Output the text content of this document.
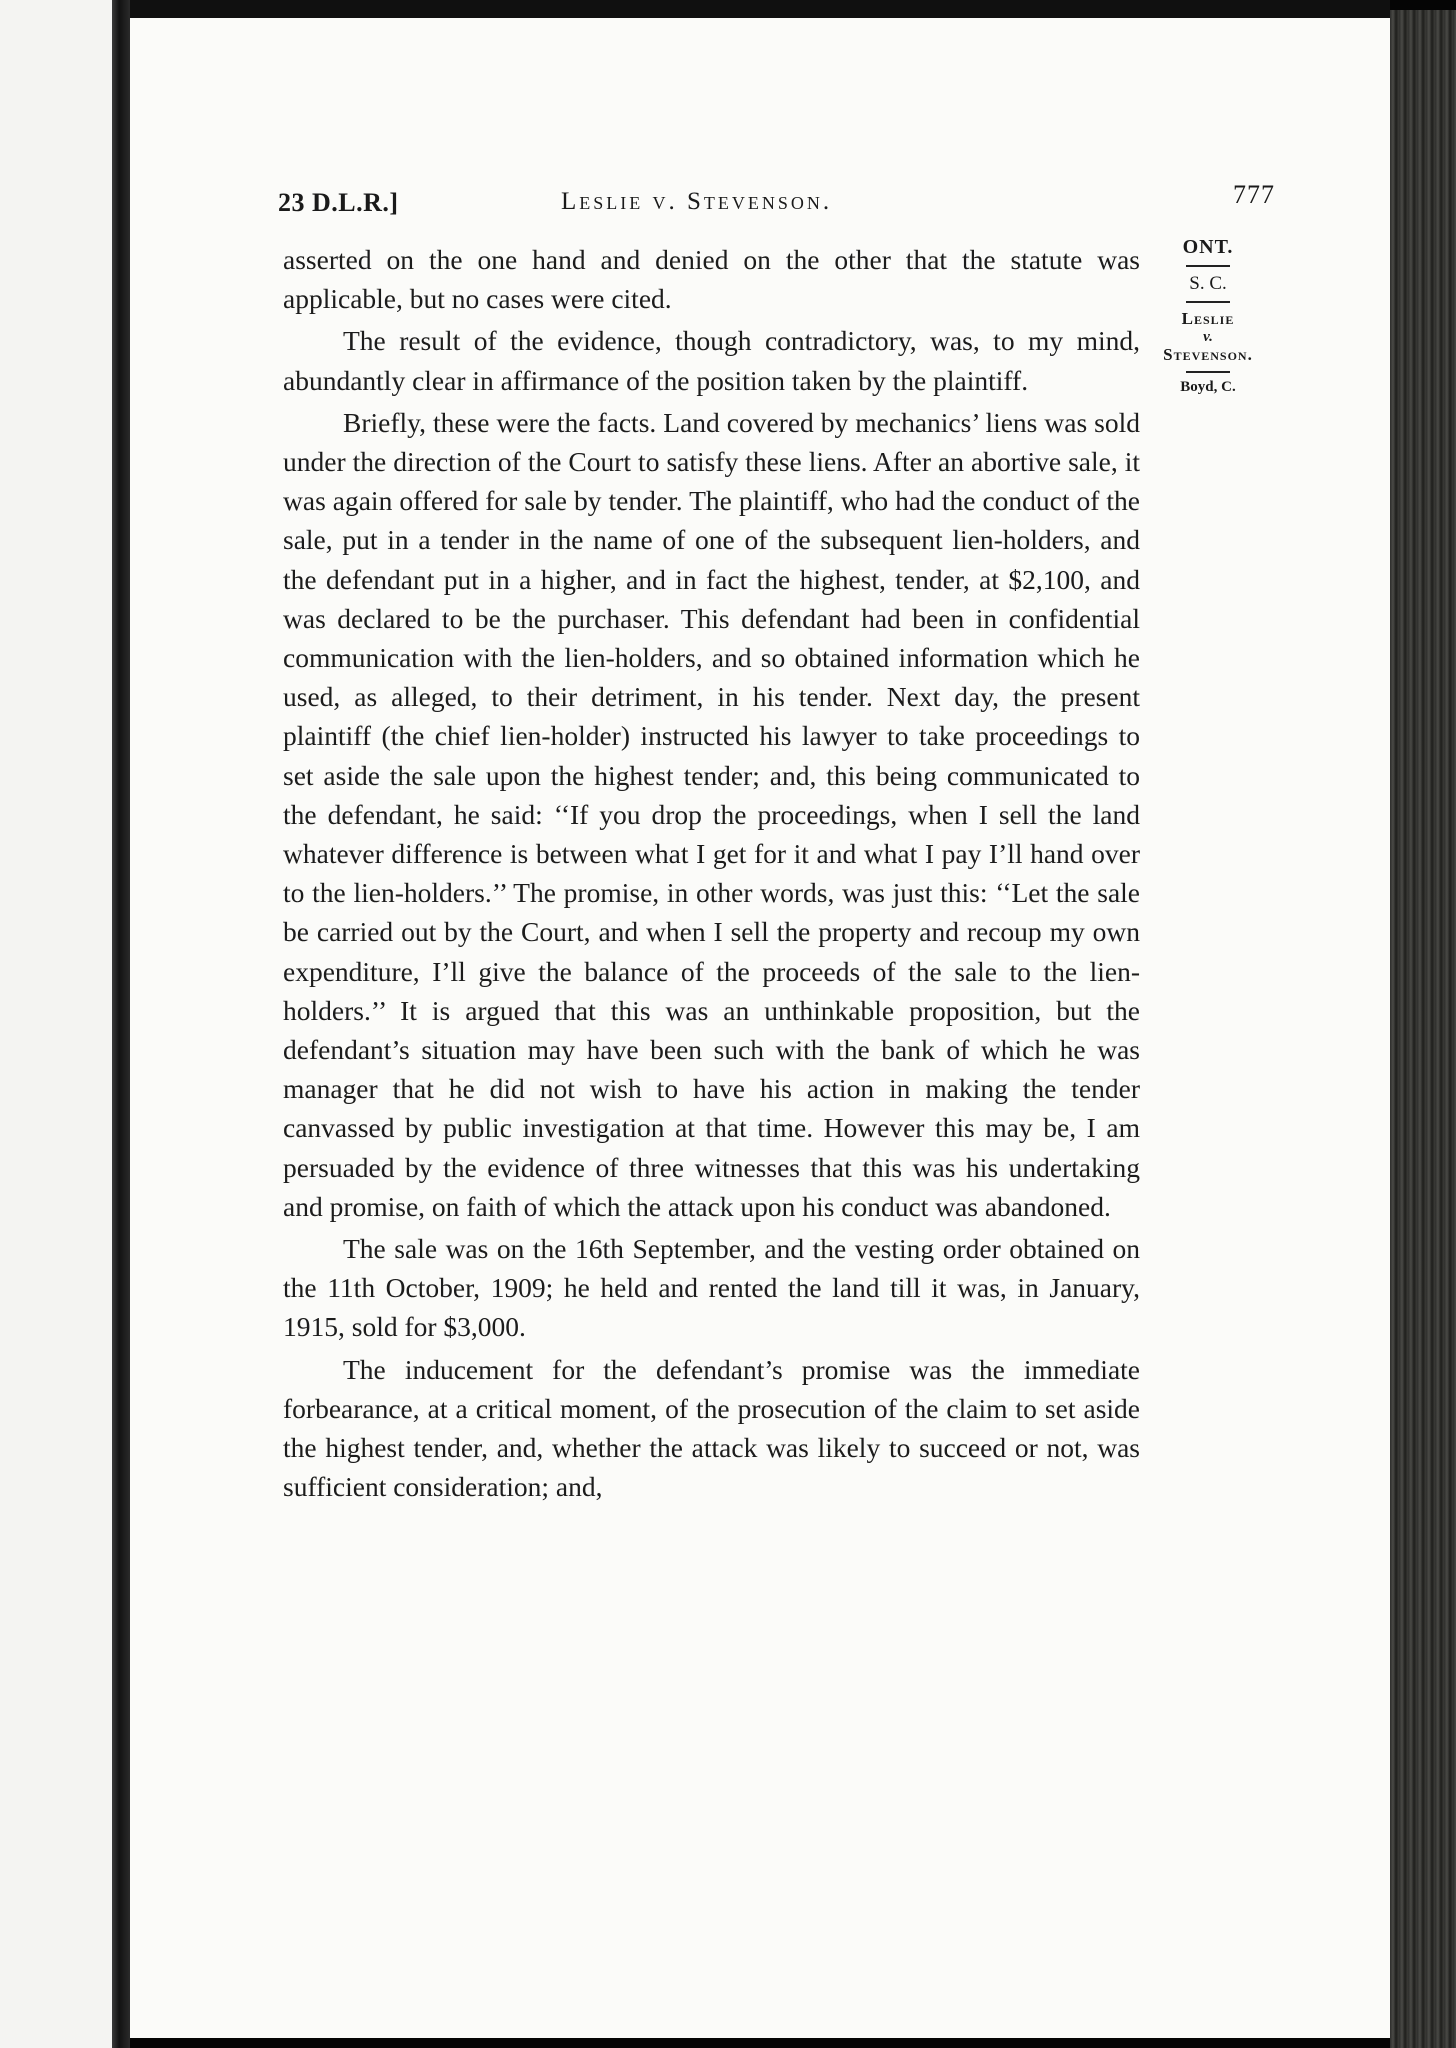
23 D.L.R.]	Leslie v. Stevenson.	777

asserted on the one hand and denied on the other that the statute was applicable, but no cases were cited.

The result of the evidence, though contradictory, was, to my mind, abundantly clear in affirmance of the position taken by the plaintiff.

Briefly, these were the facts. Land covered by mechanics’ liens was sold under the direction of the Court to satisfy these liens. After an abortive sale, it was again offered for sale by tender. The plaintiff, who had the conduct of the sale, put in a tender in the name of one of the subsequent lien-holders, and the defendant put in a higher, and in fact the highest, tender, at $2,100, and was declared to be the purchaser. This defendant had been in confidential communication with the lien-holders, and so obtained information which he used, as alleged, to their detriment, in his tender. Next day, the present plaintiff (the chief lien-holder) instructed his lawyer to take proceedings to set aside the sale upon the highest tender; and, this being communicated to the defendant, he said: ‘‘If you drop the proceedings, when I sell the land whatever difference is between what I get for it and what I pay I’ll hand over to the lien-holders.’’ The promise, in other words, was just this: ‘‘Let the sale be carried out by the Court, and when I sell the property and recoup my own expenditure, I’ll give the balance of the proceeds of the sale to the lien-holders.’’ It is argued that this was an unthinkable proposition, but the defendant’s situation may have been such with the bank of which he was manager that he did not wish to have his action in making the tender canvassed by public investigation at that time. However this may be, I am persuaded by the evidence of three witnesses that this was his undertaking and promise, on faith of which the attack upon his conduct was abandoned.

The sale was on the 16th September, and the vesting order obtained on the 11th October, 1909; he held and rented the land till it was, in January, 1915, sold for $3,000.

The inducement for the defendant’s promise was the immediate forbearance, at a critical moment, of the prosecution of the claim to set aside the highest tender, and, whether the attack was likely to succeed or not, was sufficient consideration; and,

ONT.
S. C.
Leslie
v.
Stevenson.
Boyd, C.
